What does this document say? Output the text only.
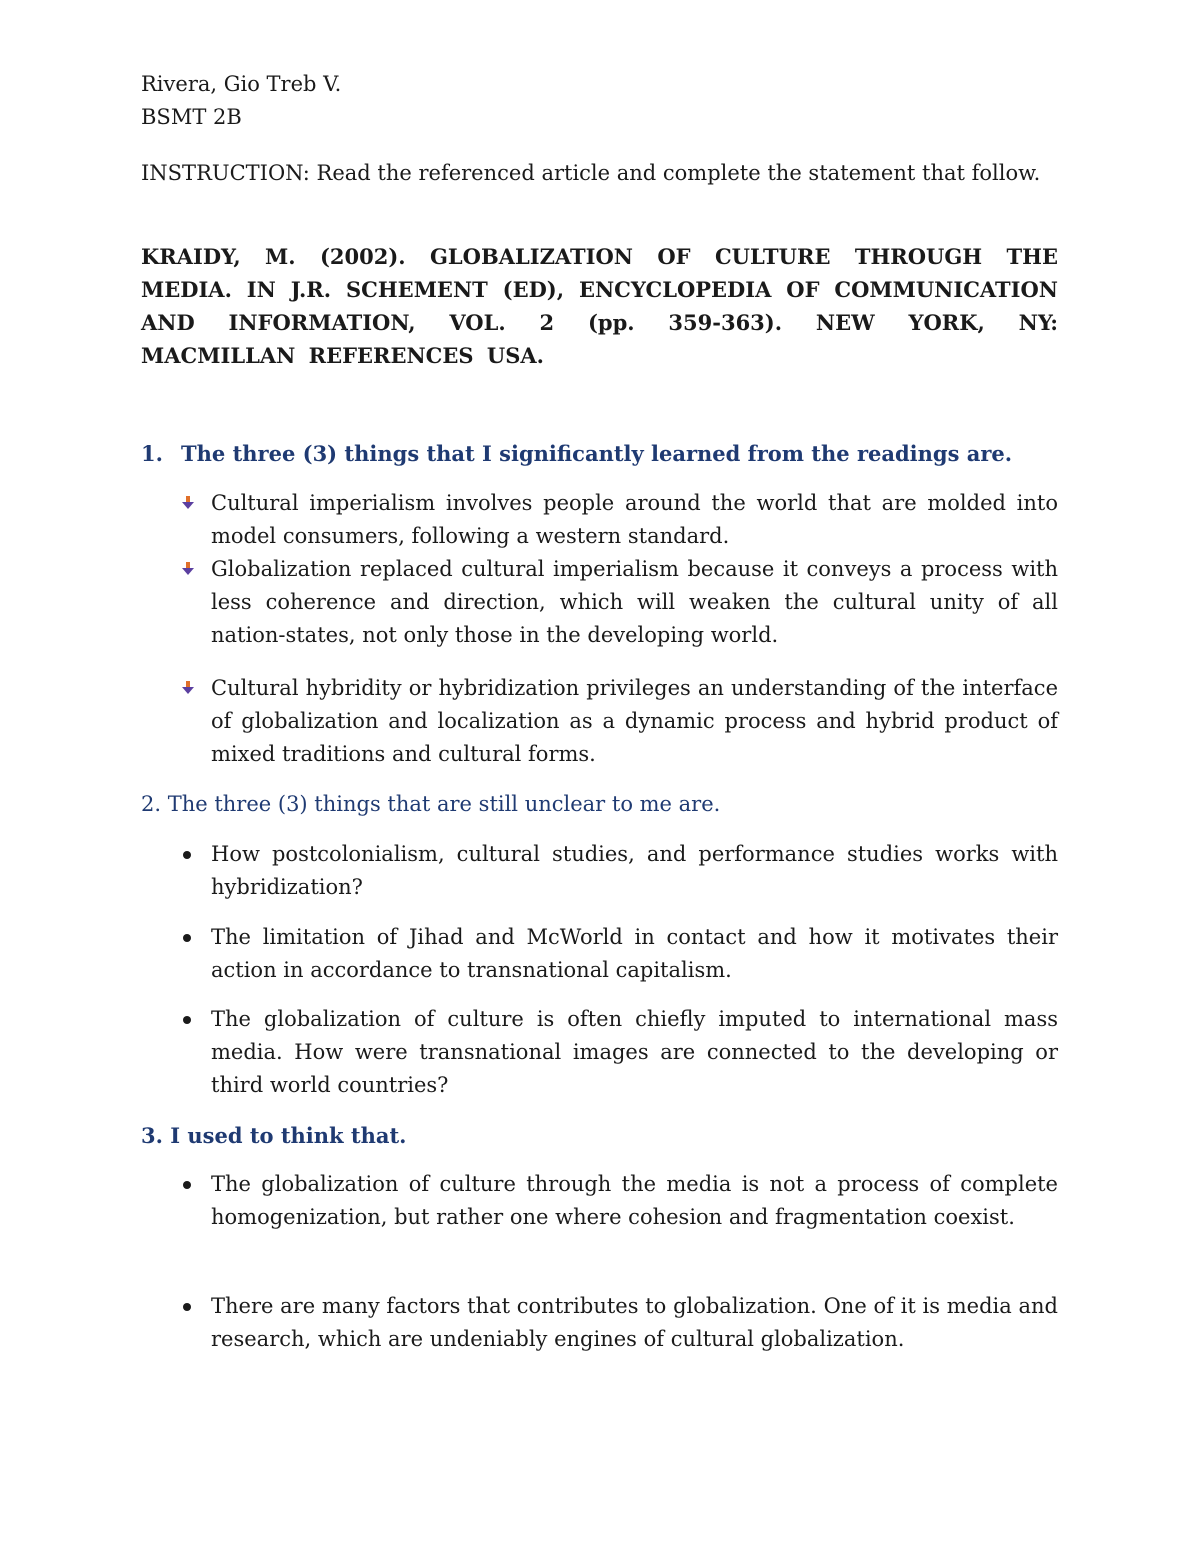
Rivera, Gio Treb V.

BSMT 2B

INSTRUCTION: Read the referenced article and complete the statement that follow.

KRAIDY, M. (2002). GLOBALIZATION OF CULTURE THROUGH THE MEDIA. IN J.R. SCHEMENT (ED), ENCYCLOPEDIA OF COMMUNICATION AND INFORMATION, VOL. 2 (pp. 359-363). NEW YORK, NY: MACMILLAN REFERENCES USA.

1. The three (3) things that I significantly learned from the readings are.

Cultural imperialism involves people around the world that are molded into model consumers, following a western standard.
Globalization replaced cultural imperialism because it conveys a process with less coherence and direction, which will weaken the cultural unity of all nation-states, not only those in the developing world.
Cultural hybridity or hybridization privileges an understanding of the interface of globalization and localization as a dynamic process and hybrid product of mixed traditions and cultural forms.

2. The three (3) things that are still unclear to me are.

How postcolonialism, cultural studies, and performance studies works with hybridization?
The limitation of Jihad and McWorld in contact and how it motivates their action in accordance to transnational capitalism.
The globalization of culture is often chiefly imputed to international mass media. How were transnational images are connected to the developing or third world countries?

3. I used to think that.

The globalization of culture through the media is not a process of complete homogenization, but rather one where cohesion and fragmentation coexist.
There are many factors that contributes to globalization. One of it is media and research, which are undeniably engines of cultural globalization.
